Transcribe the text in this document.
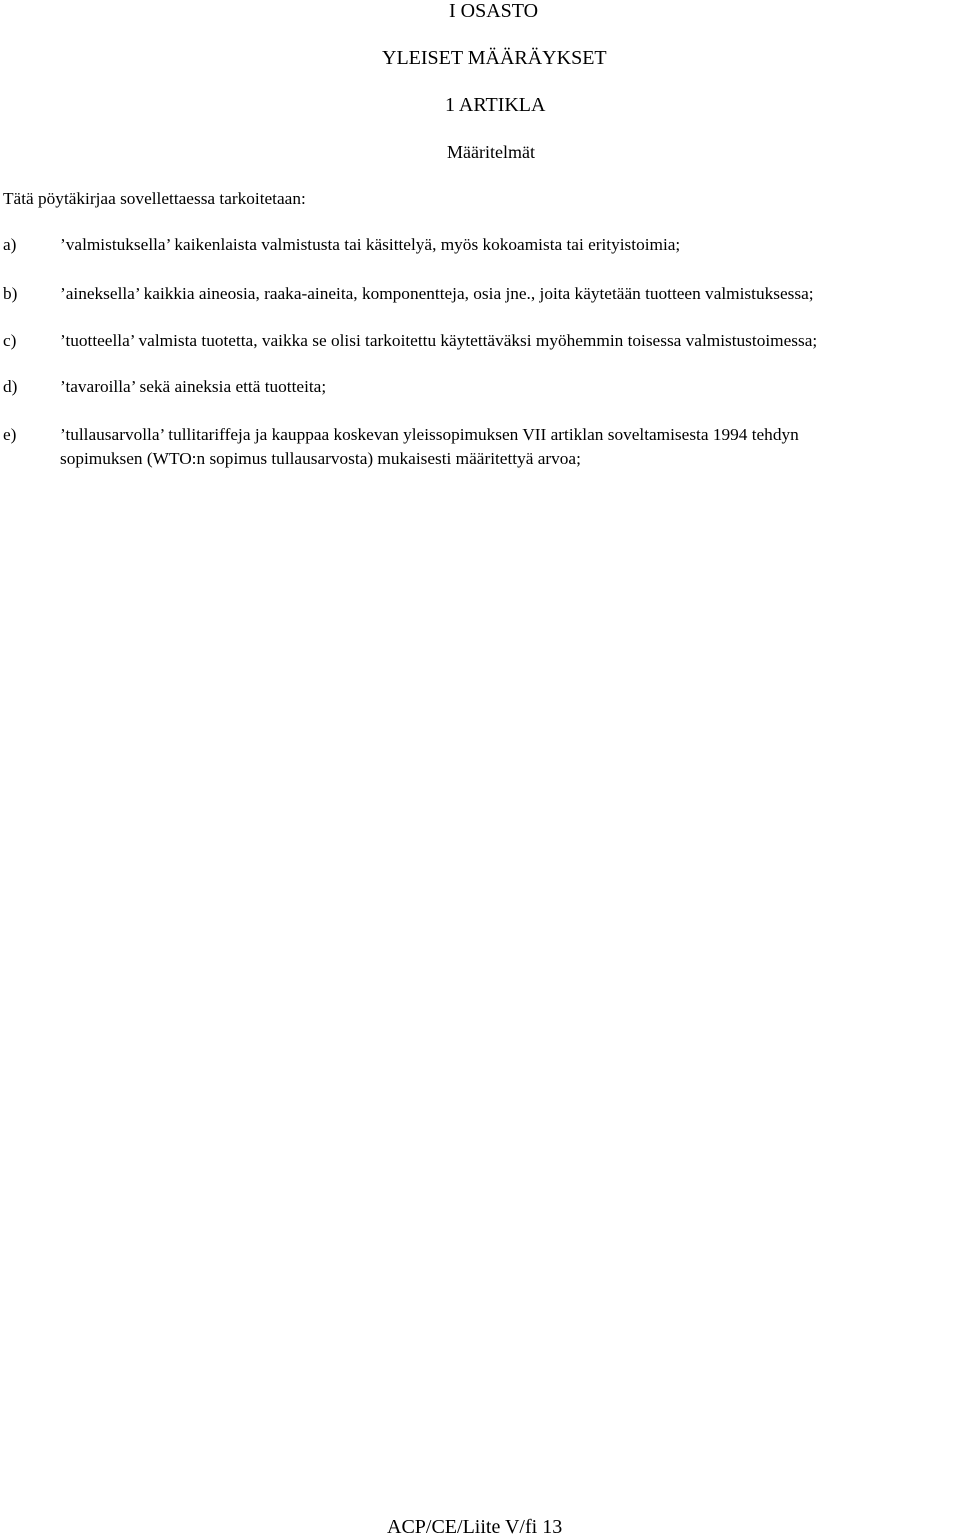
I OSASTO
YLEISET MÄÄRÄYKSET
1 ARTIKLA
Määritelmät
Tätä pöytäkirjaa sovellettaessa tarkoitetaan:
a)	’valmistuksella’ kaikenlaista valmistusta tai käsittelyä, myös kokoamista tai erityistoimia;
b) ’aineksella’ kaikkia aineosia, raaka-aineita, komponentteja, osia jne., joita käytetään tuotteen valmistuksessa;
c)	’tuotteella’ valmista tuotetta, vaikka se olisi tarkoitettu käytettäväksi myöhemmin toisessa valmistustoimessa;
d) ’tavaroilla’ sekä aineksia että tuotteita;
e)	’tullausarvolla’ tullitariffeja ja kauppaa koskevan yleissopimuksen VII artiklan soveltamisesta 1994 tehdyn
sopimuksen (WTO:n sopimus tullausarvosta) mukaisesti määritettyä arvoa;
ACP/CE/Liite V/fi 13
